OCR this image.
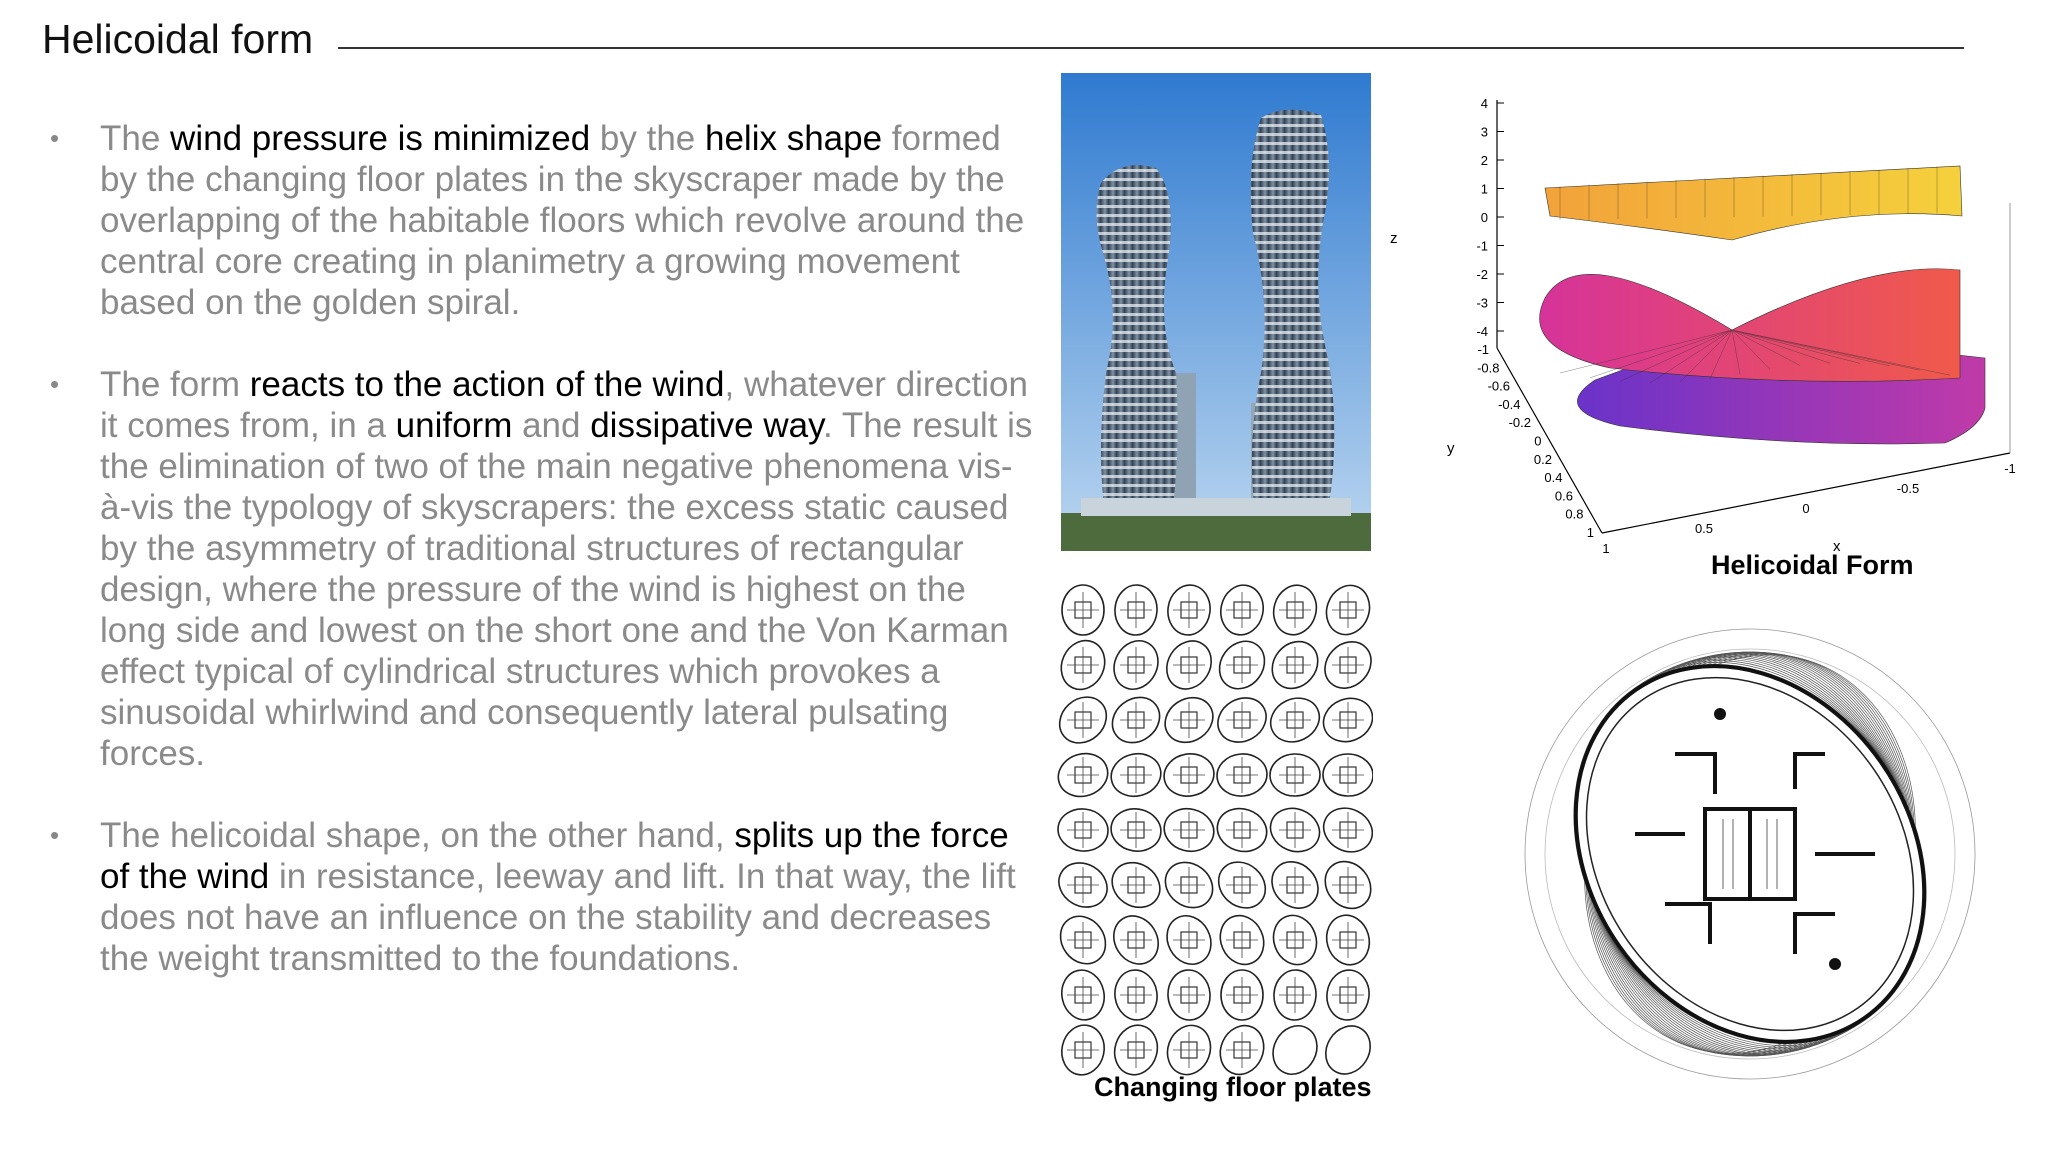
Helicoidal form
• The wind pressure is minimized by the helix shape formed by the changing floor plates in the skyscraper made by the overlapping of the habitable floors which revolve around the central core creating in planimetry a growing movement based on the golden spiral.
• The form reacts to the action of the wind, whatever direction it comes from, in a uniform and dissipative way. The result is the elimination of two of the main negative phenomena vis-à-vis the typology of skyscrapers: the excess static caused by the asymmetry of traditional structures of rectangular design, where the pressure of the wind is highest on the long side and lowest on the short one and the Von Karman effect typical of cylindrical structures which provokes a sinusoidal whirlwind and consequently lateral pulsating forces.
• The helicoidal shape, on the other hand, splits up the force of the wind in resistance, leeway and lift. In that way, the lift does not have an influence on the stability and decreases the weight transmitted to the foundations.
Changing floor plates
4
3
2
1
0
-1
-2
-3
-4
-1
-0.8
-0.6
-0.4
-0.2
0
0.2
0.4
0.6
0.8
1
1
0.5
0
-0.5
-1
z
y
x
Helicoidal Form
